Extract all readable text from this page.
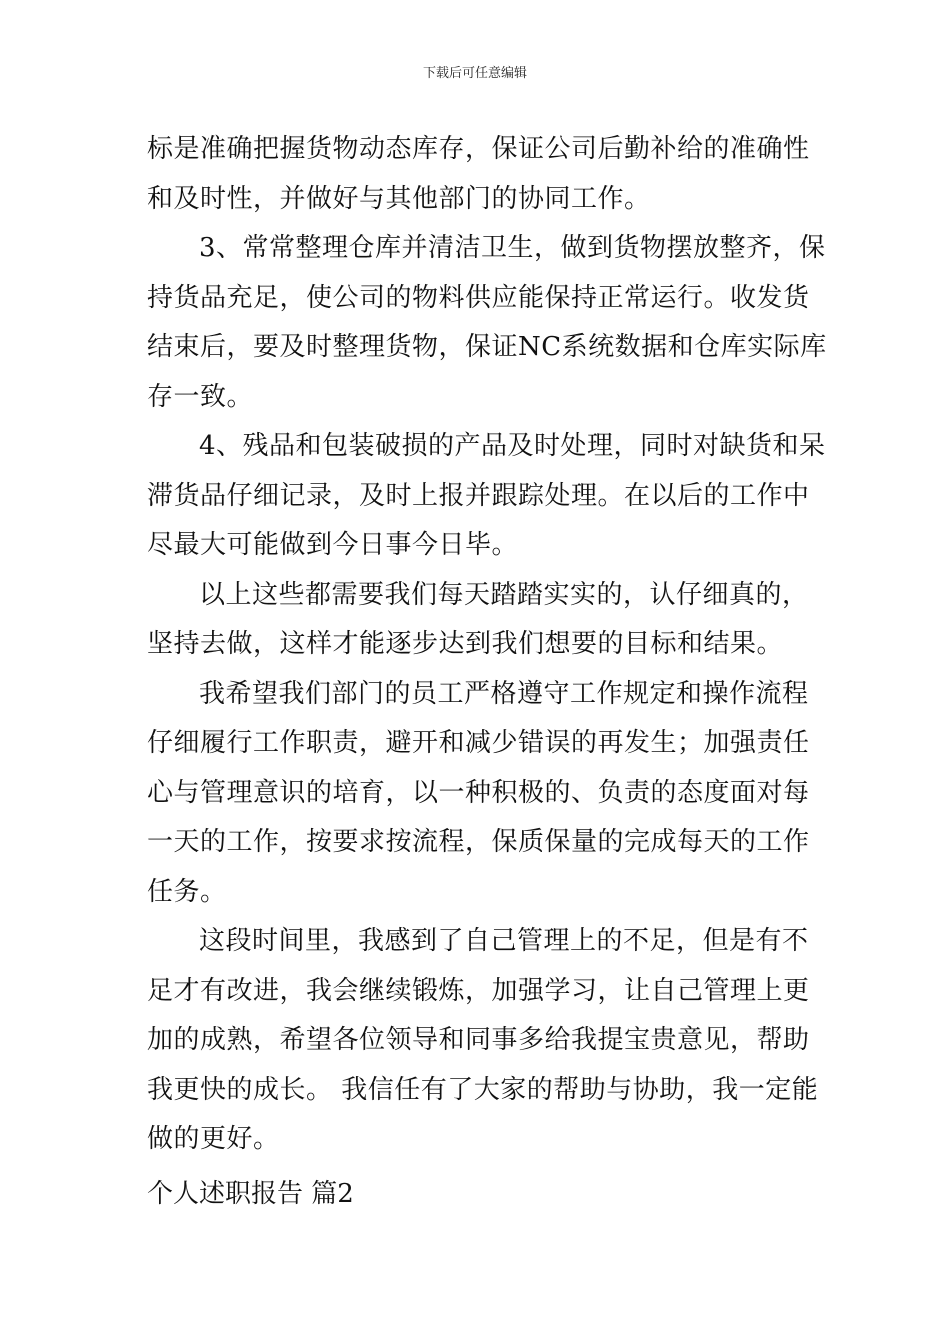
下载后可任意编辑
标是准确把握货物动态库存，保证公司后勤补给的准确性
和及时性，并做好与其他部门的协同工作。
3、常常整理仓库并清洁卫生，做到货物摆放整齐，保
持货品充足，使公司的物料供应能保持正常运行。收发货
结束后，要及时整理货物，保证NC系统数据和仓库实际库
存一致。
4、残品和包装破损的产品及时处理，同时对缺货和呆
滞货品仔细记录，及时上报并跟踪处理。在以后的工作中
尽最大可能做到今日事今日毕。
以上这些都需要我们每天踏踏实实的，认仔细真的，
坚持去做，这样才能逐步达到我们想要的目标和结果。
我希望我们部门的员工严格遵守工作规定和操作流程
仔细履行工作职责，避开和减少错误的再发生；加强责任
心与管理意识的培育，以一种积极的、负责的态度面对每
一天的工作，按要求按流程，保质保量的完成每天的工作
任务。
这段时间里，我感到了自己管理上的不足，但是有不
足才有改进，我会继续锻炼，加强学习，让自己管理上更
加的成熟，希望各位领导和同事多给我提宝贵意见，帮助
我更快的成长。 我信任有了大家的帮助与协助，我一定能
做的更好。
个人述职报告 篇2
